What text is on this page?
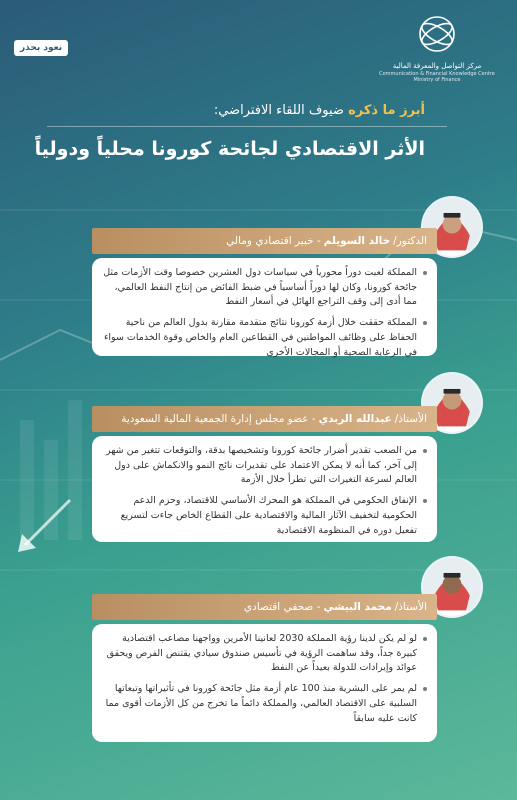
مركز التواصل والمعرفة المالية
Communication & Financial Knowledge Centre
Ministry of Finance
نعود بحذر
أبرز ما ذكره ضيوف اللقاء الافتراضي:
الأثر الاقتصادي لجائحة كورونا محلياً ودولياً
الدكتور/
خالد السويلم
- خبير اقتصادي ومالي
المملكة لعبت دوراً محورياً في سياسات دول العشرين خصوصا وقت الأزمات مثل جائحة كورونا، وكان لها دوراً أساسياً في ضبط الفائض من إنتاج النفط العالمي، مما أدى إلى وقف التراجع الهائل في أسعار النفط
المملكة حققت خلال أزمة كورونا نتائج متقدمة مقارنة بدول العالم من ناحية الحفاظ على وظائف المواطنين في القطاعين العام والخاص وقوة الخدمات سواء في الرعاية الصحية أو المجالات الأخرى
الأستاذ/
عبدالله الربدي
- عضو مجلس إدارة الجمعية المالية السعودية
من الصعب تقدير أضرار جائحة كورونا وتشخيصها بدقة، والتوقعات تتغير من شهر إلى آخر، كما أنه لا يمكن الاعتماد على تقديرات نائج النمو والانكماش على دول العالم لسرعة التغيرات التي تطرأ خلال الأزمة
الإنفاق الحكومي في المملكة هو المحرك الأساسي للاقتصاد، وحزم الدعم الحكومية لتخفيف الآثار المالية والاقتصادية على القطاع الخاص جاءت لتسريع تفعيل دوره في المنظومة الاقتصادية
الأستاذ/
محمد البيشي
- صحفي اقتصادي
لو لم يكن لدينا رؤية المملكة 2030 لعانينا الأمرين وواجهنا مصاعب اقتصادية كبيرة جداً، وقد ساهمت الرؤية في تأسيس صندوق سيادي يقتنص الفرص ويحقق عوائد وإيرادات للدولة بعيداً عن النفط
لم يمر على البشرية منذ 100 عام أزمة مثل جائحة كورونا في تأثيراتها وتبعاتها السلبية على الاقتصاد العالمي، والمملكة دائماً ما تخرج من كل الأزمات أقوى مما كانت عليه سابقاً
